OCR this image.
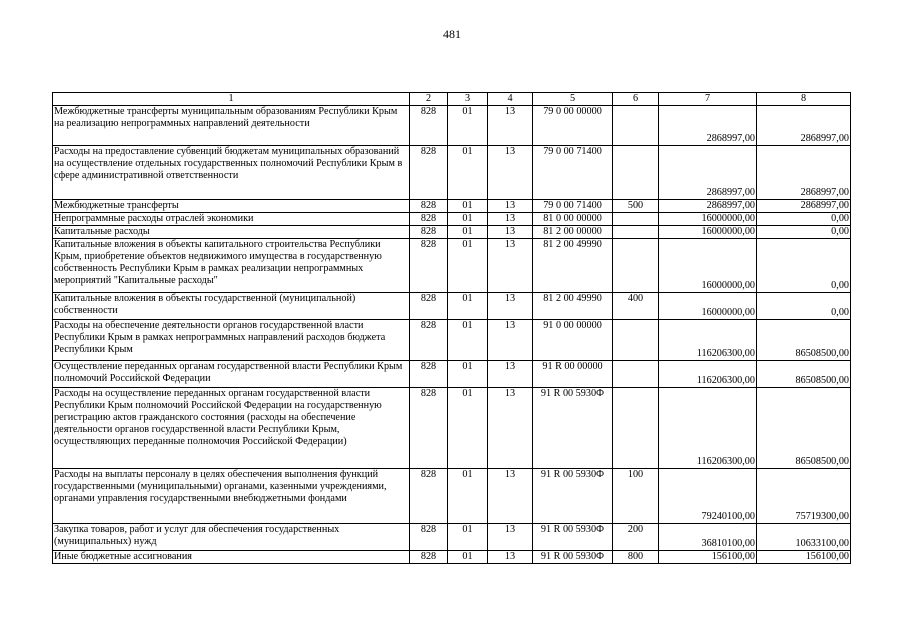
481
1	2	3	4	5	6	7	8
Межбюджетные трансферты муниципальным образованиям Республики Крым на реализацию непрограммных направлений деятельности	828	01	13	79 0 00 00000		2868997,00	2868997,00
Расходы на предоставление субвенций бюджетам муниципальных образований на осуществление отдельных государственных полномочий Республики Крым в сфере административной ответственности	828	01	13	79 0 00 71400		2868997,00	2868997,00
Межбюджетные трансферты	828	01	13	79 0 00 71400	500	2868997,00	2868997,00
Непрограммные расходы отраслей экономики	828	01	13	81 0 00 00000		16000000,00	0,00
Капитальные расходы	828	01	13	81 2 00 00000		16000000,00	0,00
Капитальные вложения в объекты капитального строительства Республики Крым, приобретение объектов недвижимого имущества в государственную собственность Республики Крым в рамках реализации непрограммных мероприятий "Капитальные расходы"	828	01	13	81 2 00 49990		16000000,00	0,00
Капитальные вложения в объекты государственной (муниципальной) собственности	828	01	13	81 2 00 49990	400	16000000,00	0,00
Расходы на обеспечение деятельности органов государственной власти Республики Крым в рамках непрограммных направлений расходов бюджета Республики Крым	828	01	13	91 0 00 00000		116206300,00	86508500,00
Осуществление переданных органам государственной власти Республики Крым полномочий Российской Федерации	828	01	13	91 R 00 00000		116206300,00	86508500,00
Расходы на осуществление переданных органам государственной власти Республики Крым полномочий Российской Федерации на государственную регистрацию актов гражданского состояния (расходы на обеспечение деятельности органов государственной власти Республики Крым, осуществляющих переданные полномочия Российской Федерации)	828	01	13	91 R 00 5930Ф		116206300,00	86508500,00
Расходы на выплаты персоналу в целях обеспечения выполнения функций государственными (муниципальными) органами, казенными учреждениями, органами управления государственными внебюджетными фондами	828	01	13	91 R 00 5930Ф	100	79240100,00	75719300,00
Закупка товаров, работ и услуг для обеспечения государственных (муниципальных) нужд	828	01	13	91 R 00 5930Ф	200	36810100,00	10633100,00
Иные бюджетные ассигнования	828	01	13	91 R 00 5930Ф	800	156100,00	156100,00
